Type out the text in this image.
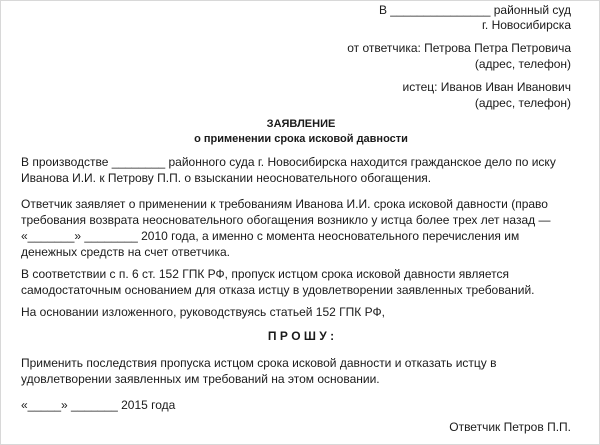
В _______________ районный суд
г. Новосибирска
от ответчика: Петрова Петра Петровича
(адрес, телефон)
истец: Иванов Иван Иванович
(адрес, телефон)
ЗАЯВЛЕНИЕ
о применении срока исковой давности
В производстве ________ районного суда г. Новосибирска находится гражданское дело по иску
Иванова И.И. к Петрову П.П. о взыскании неосновательного обогащения.
Ответчик заявляет о применении к требованиям Иванова И.И. срока исковой давности (право
требования возврата неосновательного обогащения возникло у истца более трех лет назад —
«_______» ________ 2010 года, а именно с момента неосновательного перечисления им
денежных средств на счет ответчика.
В соответствии с п. 6 ст. 152 ГПК РФ, пропуск истцом срока исковой давности является
самодостаточным основанием для отказа истцу в удовлетворении заявленных требований.
На основании изложенного, руководствуясь статьей 152 ГПК РФ,
П Р О Ш У :
Применить последствия пропуска истцом срока исковой давности и отказать истцу в
удовлетворении заявленных им требований на этом основании.
«_____» _______ 2015 года
Ответчик Петров П.П.
